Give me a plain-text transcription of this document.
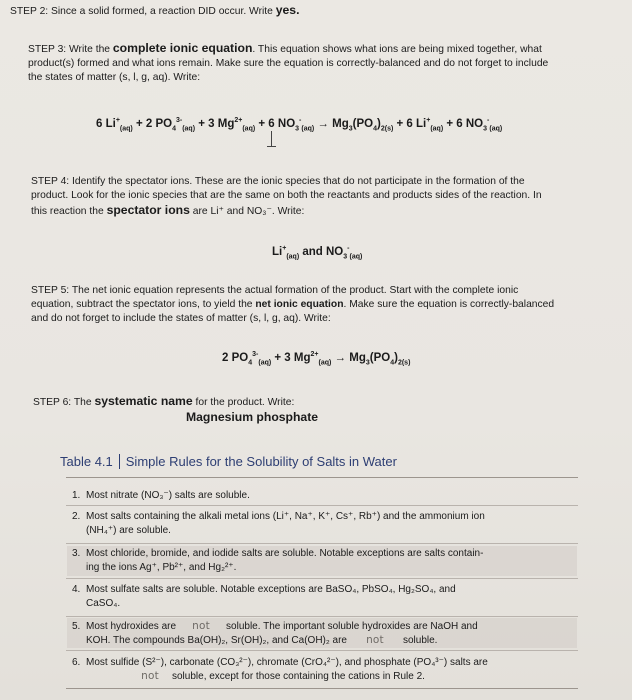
STEP 2: Since a solid formed, a reaction DID occur. Write yes.
STEP 3: Write the complete ionic equation. This equation shows what ions are being mixed together, what
product(s) formed and what ions remain. Make sure the equation is correctly-balanced and do not forget to include
the states of matter (s, l, g, aq). Write:
6 $Li^+_{(aq)} + 2$ $PO_4^{3-}_{(aq)} + 3$ $Mg^{2+}_{(aq)} + 6$ $NO_3^-_{(aq)} \to Mg_3(PO_4)_{2(s)} + 6$ $Li^+_{(aq)} + 6$ $NO_3^-_{(aq)}$
STEP 4: Identify the spectator ions. These are the ionic species that do not participate in the formation of the
product. Look for the ionic species that are the same on both the reactants and products sides of the reaction. In
this reaction the spectator ions are Li⁺ and NO₃⁻. Write:
$Li^+_{(aq)}$ and $NO_3^-_{(aq)}$
STEP 5: The net ionic equation represents the actual formation of the product. Start with the complete ionic
equation, subtract the spectator ions, to yield the net ionic equation. Make sure the equation is correctly-balanced
and do not forget to include the states of matter (s, l, g, aq). Write:
2 $PO_4^{3-}_{(aq)} + 3$ $Mg^{2+}_{(aq)} \to Mg_3(PO_4)_{2(s)}$
STEP 6: The systematic name for the product. Write:
Magnesium phosphate
Table 4.1 Simple Rules for the Solubility of Salts in Water
1. Most nitrate (NO₃⁻) salts are soluble.
2. Most salts containing the alkali metal ions (Li⁺, Na⁺, K⁺, Cs⁺, Rb⁺) and the ammonium ion
(NH₄⁺) are soluble.
3. Most chloride, bromide, and iodide salts are soluble. Notable exceptions are salts contain-
ing the ions Ag⁺, Pb²⁺, and Hg₂²⁺.
4. Most sulfate salts are soluble. Notable exceptions are BaSO₄, PbSO₄, Hg₂SO₄, and
CaSO₄.
5. Most hydroxides are not soluble. The important soluble hydroxides are NaOH and
KOH. The compounds Ba(OH)₂, Sr(OH)₂, and Ca(OH)₂ are not soluble.
6. Most sulfide (S²⁻), carbonate (CO₃²⁻), chromate (CrO₄²⁻), and phosphate (PO₄³⁻) salts are
not soluble, except for those containing the cations in Rule 2.
